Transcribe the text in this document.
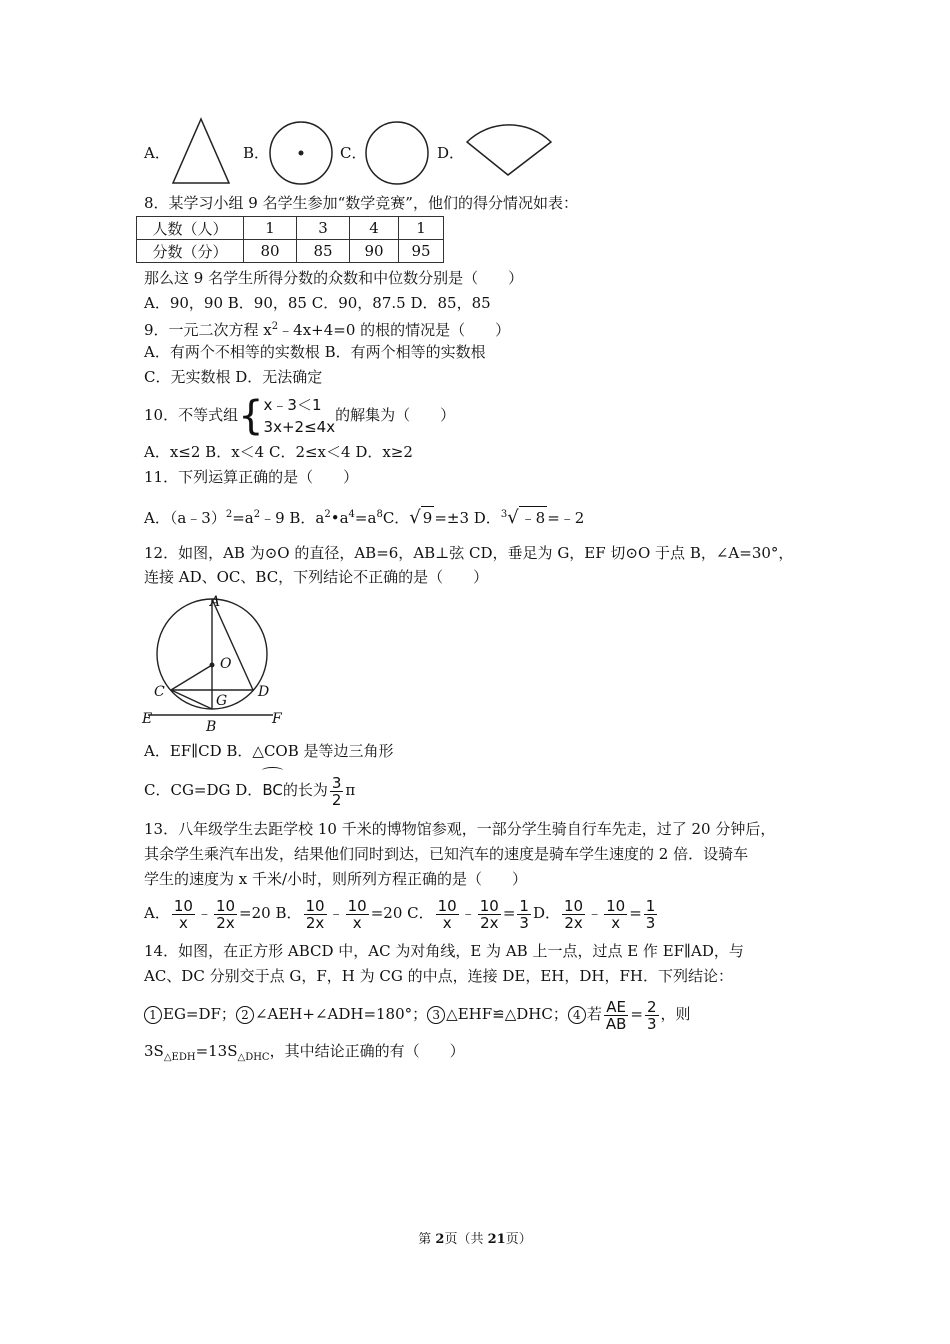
A．	B．	C．	D．
8．某学习小组 9 名学生参加“数学竞赛”，他们的得分情况如表：
人数（人）	1	3	4	1
分数（分）	80	85	90	95
那么这 9 名学生所得分数的众数和中位数分别是（　　）
A．90，90 B．90，85 C．90，87.5 D．85，85
9．一元二次方程 $x^2﹣4x+4=0$ 的根的情况是（　　）
A．有两个不相等的实数根 B．有两个相等的实数根
C．无实数根 D．无法确定
10．不等式组{ x﹣3＜1
3x+2≤4x
的解集为（　　）
A．x≤2 B．x＜4 C．2≤x＜4 D．x≥2
11．下列运算正确的是（　　）
A．$(a﹣3)^2=a^2﹣9$ B．$a^2•a^4=a^8C$．√ 9 =±3 D．$^3$√ ﹣8 =﹣2
12．如图，AB 为⊙O 的直径，AB=6，AB⊥弦 CD，垂足为 G，EF 切⊙O 于点 B，∠A=30°，
连接 AD、OC、BC，下列结论不正确的是（　　）
A
O
C
G
D
E	B	F
A．EF∥CD B．△COB 是等边三角形
C．CG=DG D．BC的长为 $\frac{3}{2}$ π
13．八年级学生去距学校 10 千米的博物馆参观，一部分学生骑自行车先走，过了 20 分钟后，
其余学生乘汽车出发，结果他们同时到达，已知汽车的速度是骑车学生速度的 2 倍．设骑车
学生的速度为 x 千米/小时，则所列方程正确的是（　　）
A． $\frac{10}{x}$ ﹣ $\frac{10}{2x} =20$ B． $\frac{10}{2x}$ ﹣ $\frac{10}{x} =20$ C． $\frac{10}{x}$ ﹣ $\frac{10}{2x} = \frac{1}{3}$ D． $\frac{10}{2x}$ ﹣ $\frac{10}{x} = \frac{1}{3}$
14．如图，在正方形 ABCD 中，AC 为对角线，E 为 AB 上一点，过点 E 作 EF∥AD，与
AC、DC 分别交于点 G，F，H 为 CG 的中点，连接 DE，EH，DH，FH．下列结论：
1 EG=DF； 2 ∠AEH+∠ADH=180°； 3 △EHF≌△DHC； 4 若 $\frac{AE}{AB} = \frac{2}{3}$ ，则
$3S_{\triangle EDH}=13S_{\triangle DHC}$，其中结论正确的有（　　）
第 2页（共 21页）
